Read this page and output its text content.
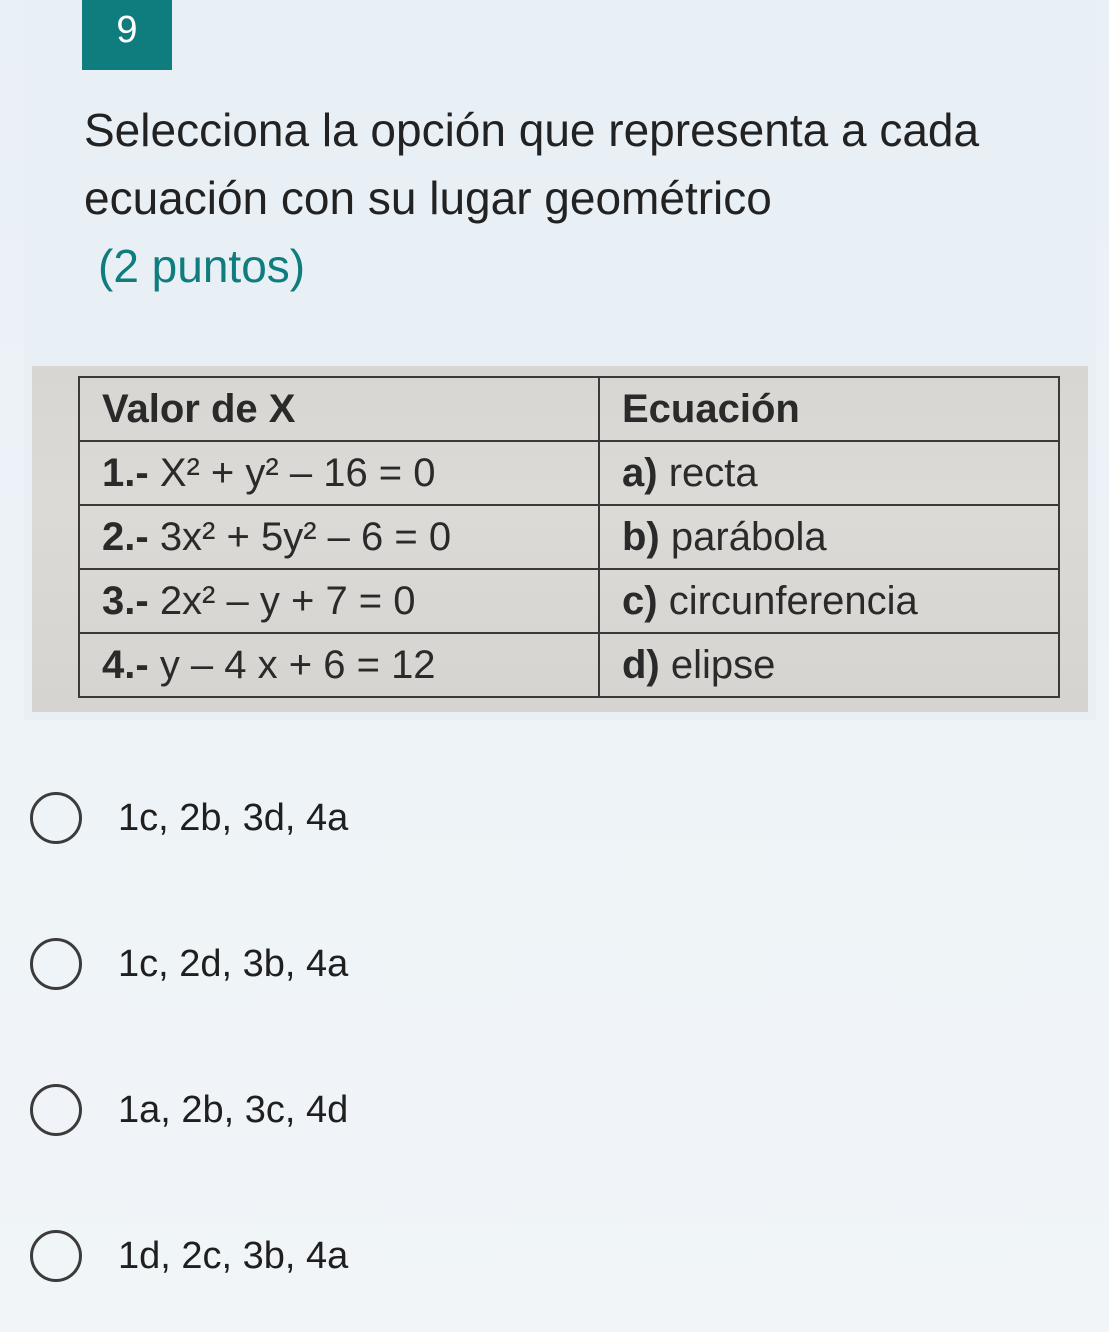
9
Selecciona la opción que representa a cada ecuación con su lugar geométrico
(2 puntos)
Valor de X	Ecuación
1.- X² + y² – 16 = 0	a) recta
2.- 3x² + 5y² – 6 = 0	b) parábola
3.- 2x² – y + 7 = 0	c) circunferencia
4.- y – 4 x + 6 = 12	d) elipse
1c, 2b, 3d, 4a
1c, 2d, 3b, 4a
1a, 2b, 3c, 4d
1d, 2c, 3b, 4a
